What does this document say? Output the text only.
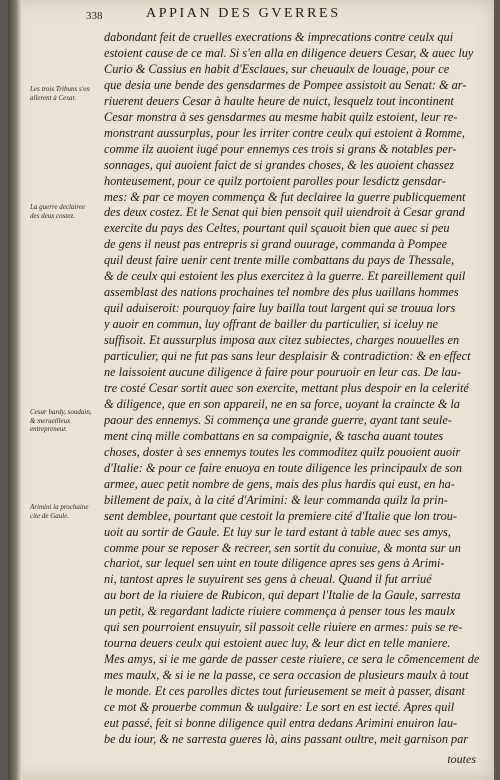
338	APPIAN DES GVERRES
Les trois Tribuns s'en allerent à Cesar.
La guerre declairee des deux costez.
Cesar hardy, soudain, & merueilleux entrepreneur.
Arimini la prochaine cite de Gaule.
dabondant feit de cruelles execrations & imprecations contre ceulx qui
estoient cause de ce mal. Si s'en alla en diligence deuers Cesar, & auec luy
Curio & Cassius en habit d'Esclaues, sur cheuaulx de louage, pour ce
que desia une bende des gensdarmes de Pompee assistoit au Senat: & ar-
riuerent deuers Cesar à haulte heure de nuict, lesquelz tout incontinent
Cesar monstra à ses gensdarmes au mesme habit quilz estoient, leur re-
monstrant aussurplus, pour les irriter contre ceulx qui estoient à Romme,
comme ilz auoient iugé pour ennemys ces trois si grans & notables per-
sonnages, qui auoient faict de si grandes choses, & les auoient chassez
honteusement, pour ce quilz portoient parolles pour lesdictz gensdar-
mes: & par ce moyen commença & fut declairee la guerre publicquement
des deux costez. Et le Senat qui bien pensoit quil uiendroit à Cesar grand
exercite du pays des Celtes, pourtant quil sçauoit bien que auec si peu
de gens il neust pas entrepris si grand ouurage, commanda à Pompee
quil deust faire uenir cent trente mille combattans du pays de Thessale,
& de ceulx qui estoient les plus exercitez à la guerre. Et pareillement quil
assemblast des nations prochaines tel nombre des plus uaillans hommes
quil aduiseroit: pourquoy faire luy bailla tout largent qui se trouua lors
y auoir en commun, luy offrant de bailler du particulier, si iceluy ne
suffisoit. Et aussurplus imposa aux citez subiectes, charges nouuelles en
particulier, qui ne fut pas sans leur desplaisir & contradiction: & en effect
ne laissoient aucune diligence à faire pour pouruoir en leur cas. De lau-
tre costé Cesar sortit auec son exercite, mettant plus despoir en la celerité
& diligence, que en son appareil, ne en sa force, uoyant la craincte & la
paour des ennemys. Si commença une grande guerre, ayant tant seule-
ment cinq mille combattans en sa compaignie, & tascha auant toutes
choses, doster à ses ennemys toutes les commoditez quilz pouoient auoir
d'Italie: & pour ce faire enuoya en toute diligence les principaulx de son
armee, auec petit nombre de gens, mais des plus hardis qui eust, en ha-
billement de paix, à la cité d'Arimini: & leur commanda quilz la prin-
sent demblee, pourtant que cestoit la premiere cité d'Italie que lon trou-
uoit au sortir de Gaule. Et luy sur le tard estant à table auec ses amys,
comme pour se reposer & recreer, sen sortit du conuiue, & monta sur un
chariot, sur lequel sen uint en toute diligence apres ses gens à Arimi-
ni, tantost apres le suyuirent ses gens à cheual. Quand il fut arriué
au bort de la riuiere de Rubicon, qui depart l'Italie de la Gaule, sarresta
un petit, & regardant ladicte riuiere commença à penser tous les maulx
qui sen pourroient ensuyuir, sil passoit celle riuiere en armes: puis se re-
tourna deuers ceulx qui estoient auec luy, & leur dict en telle maniere.
Mes amys, si ie me garde de passer ceste riuiere, ce sera le cõmencement de
mes maulx, & si ie ne la passe, ce sera occasion de plusieurs maulx à tout
le monde. Et ces parolles dictes tout furieusement se meit à passer, disant
ce mot & prouerbe commun & uulgaire: Le sort en est iecté. Apres quil
eut passé, feit si bonne diligence quil entra dedans Arimini enuiron lau-
be du iour, & ne sarresta gueres là, ains passant oultre, meit garnison par
toutes
